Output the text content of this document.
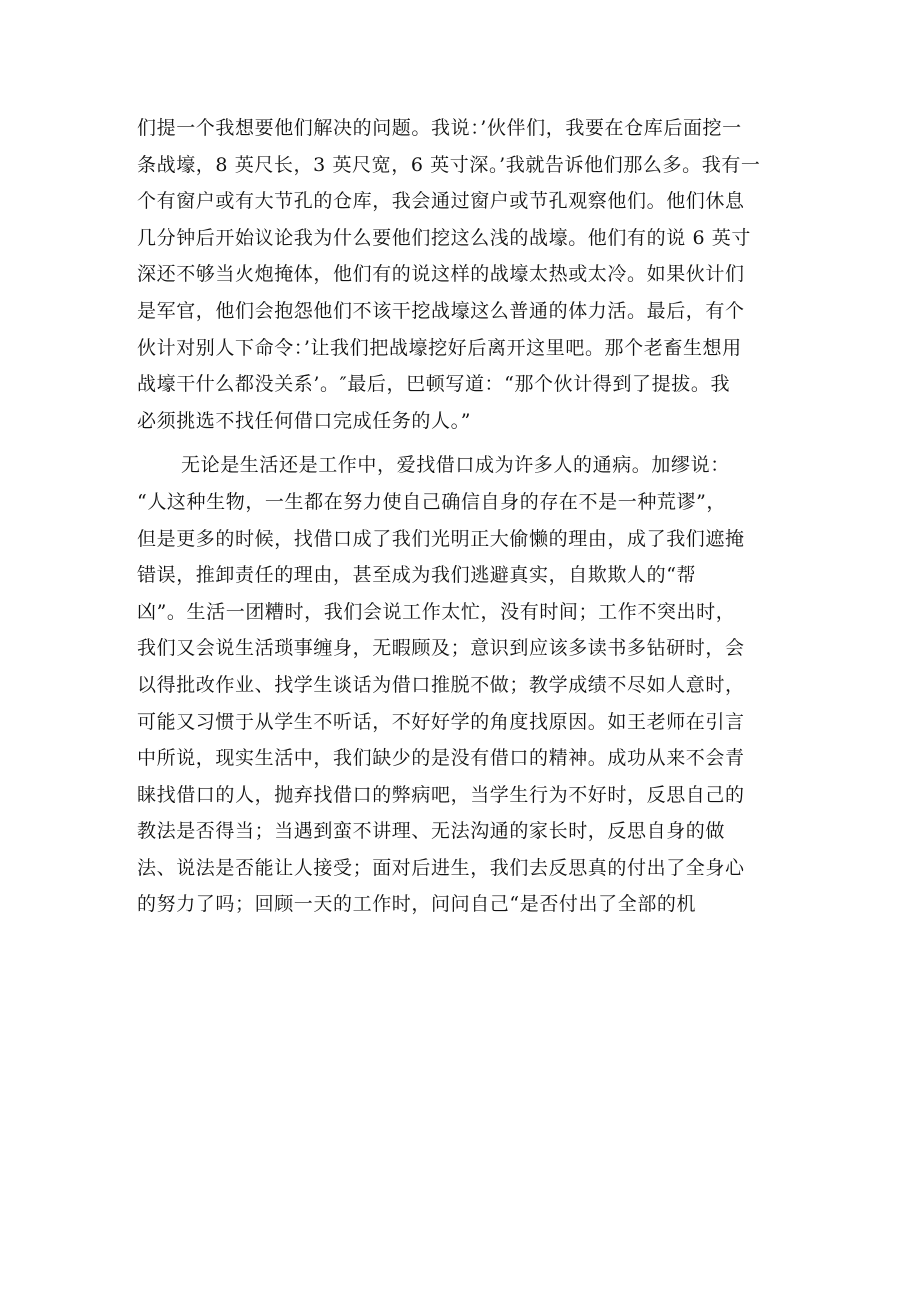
们提一个我想要他们解决的问题。我说：’伙伴们，我要在仓库后面挖一
条战壕，8 英尺长，3 英尺宽，6 英寸深。’我就告诉他们那么多。我有一
个有窗户或有大节孔的仓库，我会通过窗户或节孔观察他们。他们休息
几分钟后开始议论我为什么要他们挖这么浅的战壕。他们有的说 6 英寸
深还不够当火炮掩体，他们有的说这样的战壕太热或太冷。如果伙计们
是军官，他们会抱怨他们不该干挖战壕这么普通的体力活。最后，有个
伙计对别人下命令：’让我们把战壕挖好后离开这里吧。那个老畜生想用
战壕干什么都没关系’。″最后，巴顿写道：“那个伙计得到了提拔。我
必须挑选不找任何借口完成任务的人。”
无论是生活还是工作中，爱找借口成为许多人的通病。加缪说：
“人这种生物，一生都在努力使自己确信自身的存在不是一种荒谬”，
但是更多的时候，找借口成了我们光明正大偷懒的理由，成了我们遮掩
错误，推卸责任的理由，甚至成为我们逃避真实，自欺欺人的“帮
凶”。生活一团糟时，我们会说工作太忙，没有时间；工作不突出时，
我们又会说生活琐事缠身，无暇顾及；意识到应该多读书多钻研时，会
以得批改作业、找学生谈话为借口推脱不做；教学成绩不尽如人意时，
可能又习惯于从学生不听话，不好好学的角度找原因。如王老师在引言
中所说，现实生活中，我们缺少的是没有借口的精神。成功从来不会青
睐找借口的人，抛弃找借口的弊病吧，当学生行为不好时，反思自己的
教法是否得当；当遇到蛮不讲理、无法沟通的家长时，反思自身的做
法、说法是否能让人接受；面对后进生，我们去反思真的付出了全身心
的努力了吗；回顾一天的工作时，问问自己“是否付出了全部的机
